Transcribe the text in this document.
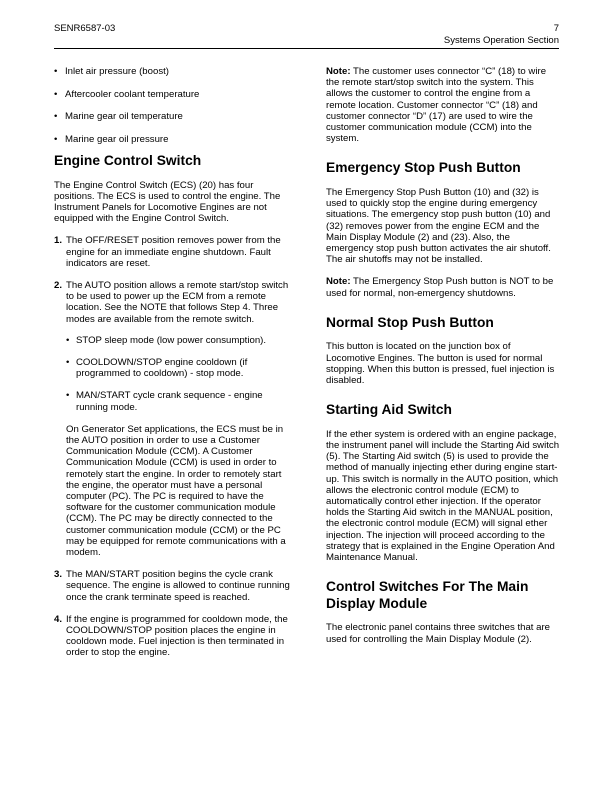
SENR6587-03	7
Systems Operation Section
• Inlet air pressure (boost)
• Aftercooler coolant temperature
• Marine gear oil temperature
• Marine gear oil pressure
Engine Control Switch

The Engine Control Switch (ECS) (20) has four positions. The ECS is used to control the engine. The Instrument Panels for Locomotive Engines are not equipped with the Engine Control Switch.

1. The OFF/RESET position removes power from the engine for an immediate engine shutdown. Fault indicators are reset.
2. The AUTO position allows a remote start/stop switch to be used to power up the ECM from a remote location. See the NOTE that follows Step 4. Three modes are available from the remote switch.
• STOP sleep mode (low power consumption).
• COOLDOWN/STOP engine cooldown (if programmed to cooldown) - stop mode.
• MAN/START cycle crank sequence - engine running mode.

On Generator Set applications, the ECS must be in the AUTO position in order to use a Customer Communication Module (CCM). A Customer Communication Module (CCM) is used in order to remotely start the engine. In order to remotely start the engine, the operator must have a personal computer (PC). The PC is required to have the software for the customer communication module (CCM). The PC may be directly connected to the customer communication module (CCM) or the PC may be equipped for remote communications with a modem.

3. The MAN/START position begins the cycle crank sequence. The engine is allowed to continue running once the crank terminate speed is reached.
4. If the engine is programmed for cooldown mode, the COOLDOWN/STOP position places the engine in cooldown mode. Fuel injection is then terminated in order to stop the engine.

Note: The customer uses connector “C” (18) to wire the remote start/stop switch into the system. This allows the customer to control the engine from a remote location. Customer connector “C” (18) and customer connector “D” (17) are used to wire the customer communication module (CCM) into the system.

Emergency Stop Push Button

The Emergency Stop Push Button (10) and (32) is used to quickly stop the engine during emergency situations. The emergency stop push button (10) and (32) removes power from the engine ECM and the Main Display Module (2) and (23). Also, the emergency stop push button activates the air shutoff. The air shutoffs may not be installed.

Note: The Emergency Stop Push button is NOT to be used for normal, non-emergency shutdowns.

Normal Stop Push Button

This button is located on the junction box of Locomotive Engines. The button is used for normal stopping. When this button is pressed, fuel injection is disabled.

Starting Aid Switch

If the ether system is ordered with an engine package, the instrument panel will include the Starting Aid switch (5). The Starting Aid switch (5) is used to provide the method of manually injecting ether during engine start-up. This switch is normally in the AUTO position, which allows the electronic control module (ECM) to automatically control ether injection. If the operator holds the Starting Aid switch in the MANUAL position, the electronic control module (ECM) will signal ether injection. The injection will proceed according to the strategy that is explained in the Engine Operation And Maintenance Manual.

Control Switches For The Main Display Module

The electronic panel contains three switches that are used for controlling the Main Display Module (2).
